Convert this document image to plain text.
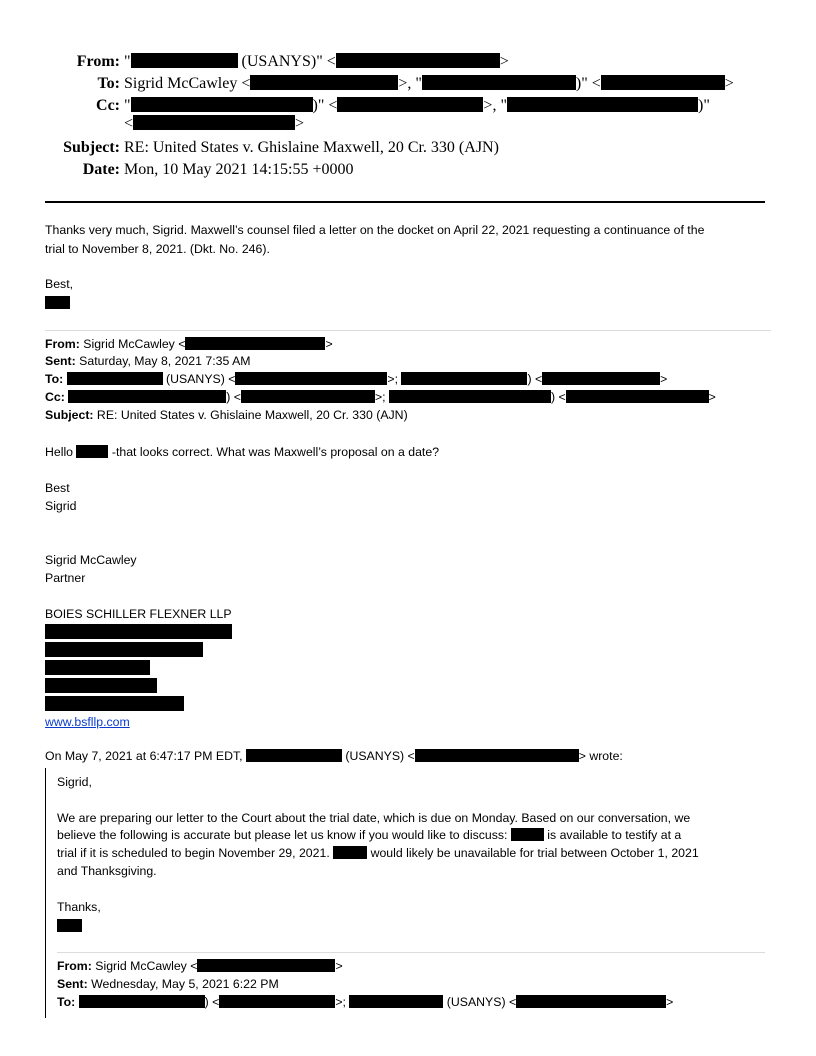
From: "	(USANYS)" <	>
To: Sigrid McCawley <	>, "	)" <	>
Cc: "	)" <	>, "	)"
<	>
Subject: RE: United States v. Ghislaine Maxwell, 20 Cr. 330 (AJN)
Date: Mon, 10 May 2021 14:15:55 +0000
Thanks very much, Sigrid. Maxwell’s counsel filed a letter on the docket on April 22, 2021 requesting a continuance of the
trial to November 8, 2021. (Dkt. No. 246).
Best,
From: Sigrid McCawley <	>
Sent: Saturday, May 8, 2021 7:35 AM
To:	(USANYS) <	>;	) <	>
Cc:	) <	>;	) <	>
Subject: RE: United States v. Ghislaine Maxwell, 20 Cr. 330 (AJN)
Hello	-that looks correct. What was Maxwell’s proposal on a date?
Best
Sigrid
Sigrid McCawley
Partner
BOIES SCHILLER FLEXNER LLP
www.bsfllp.com
On May 7, 2021 at 6:47:17 PM EDT,	(USANYS) <	> wrote:
Sigrid,
We are preparing our letter to the Court about the trial date, which is due on Monday. Based on our conversation, we
believe the following is accurate but please let us know if you would like to discuss:	is available to testify at a
trial if it is scheduled to begin November 29, 2021.	would likely be unavailable for trial between October 1, 2021
and Thanksgiving.
Thanks,
From: Sigrid McCawley <	>
Sent: Wednesday, May 5, 2021 6:22 PM
To:	) <	>;	(USANYS) <	>
